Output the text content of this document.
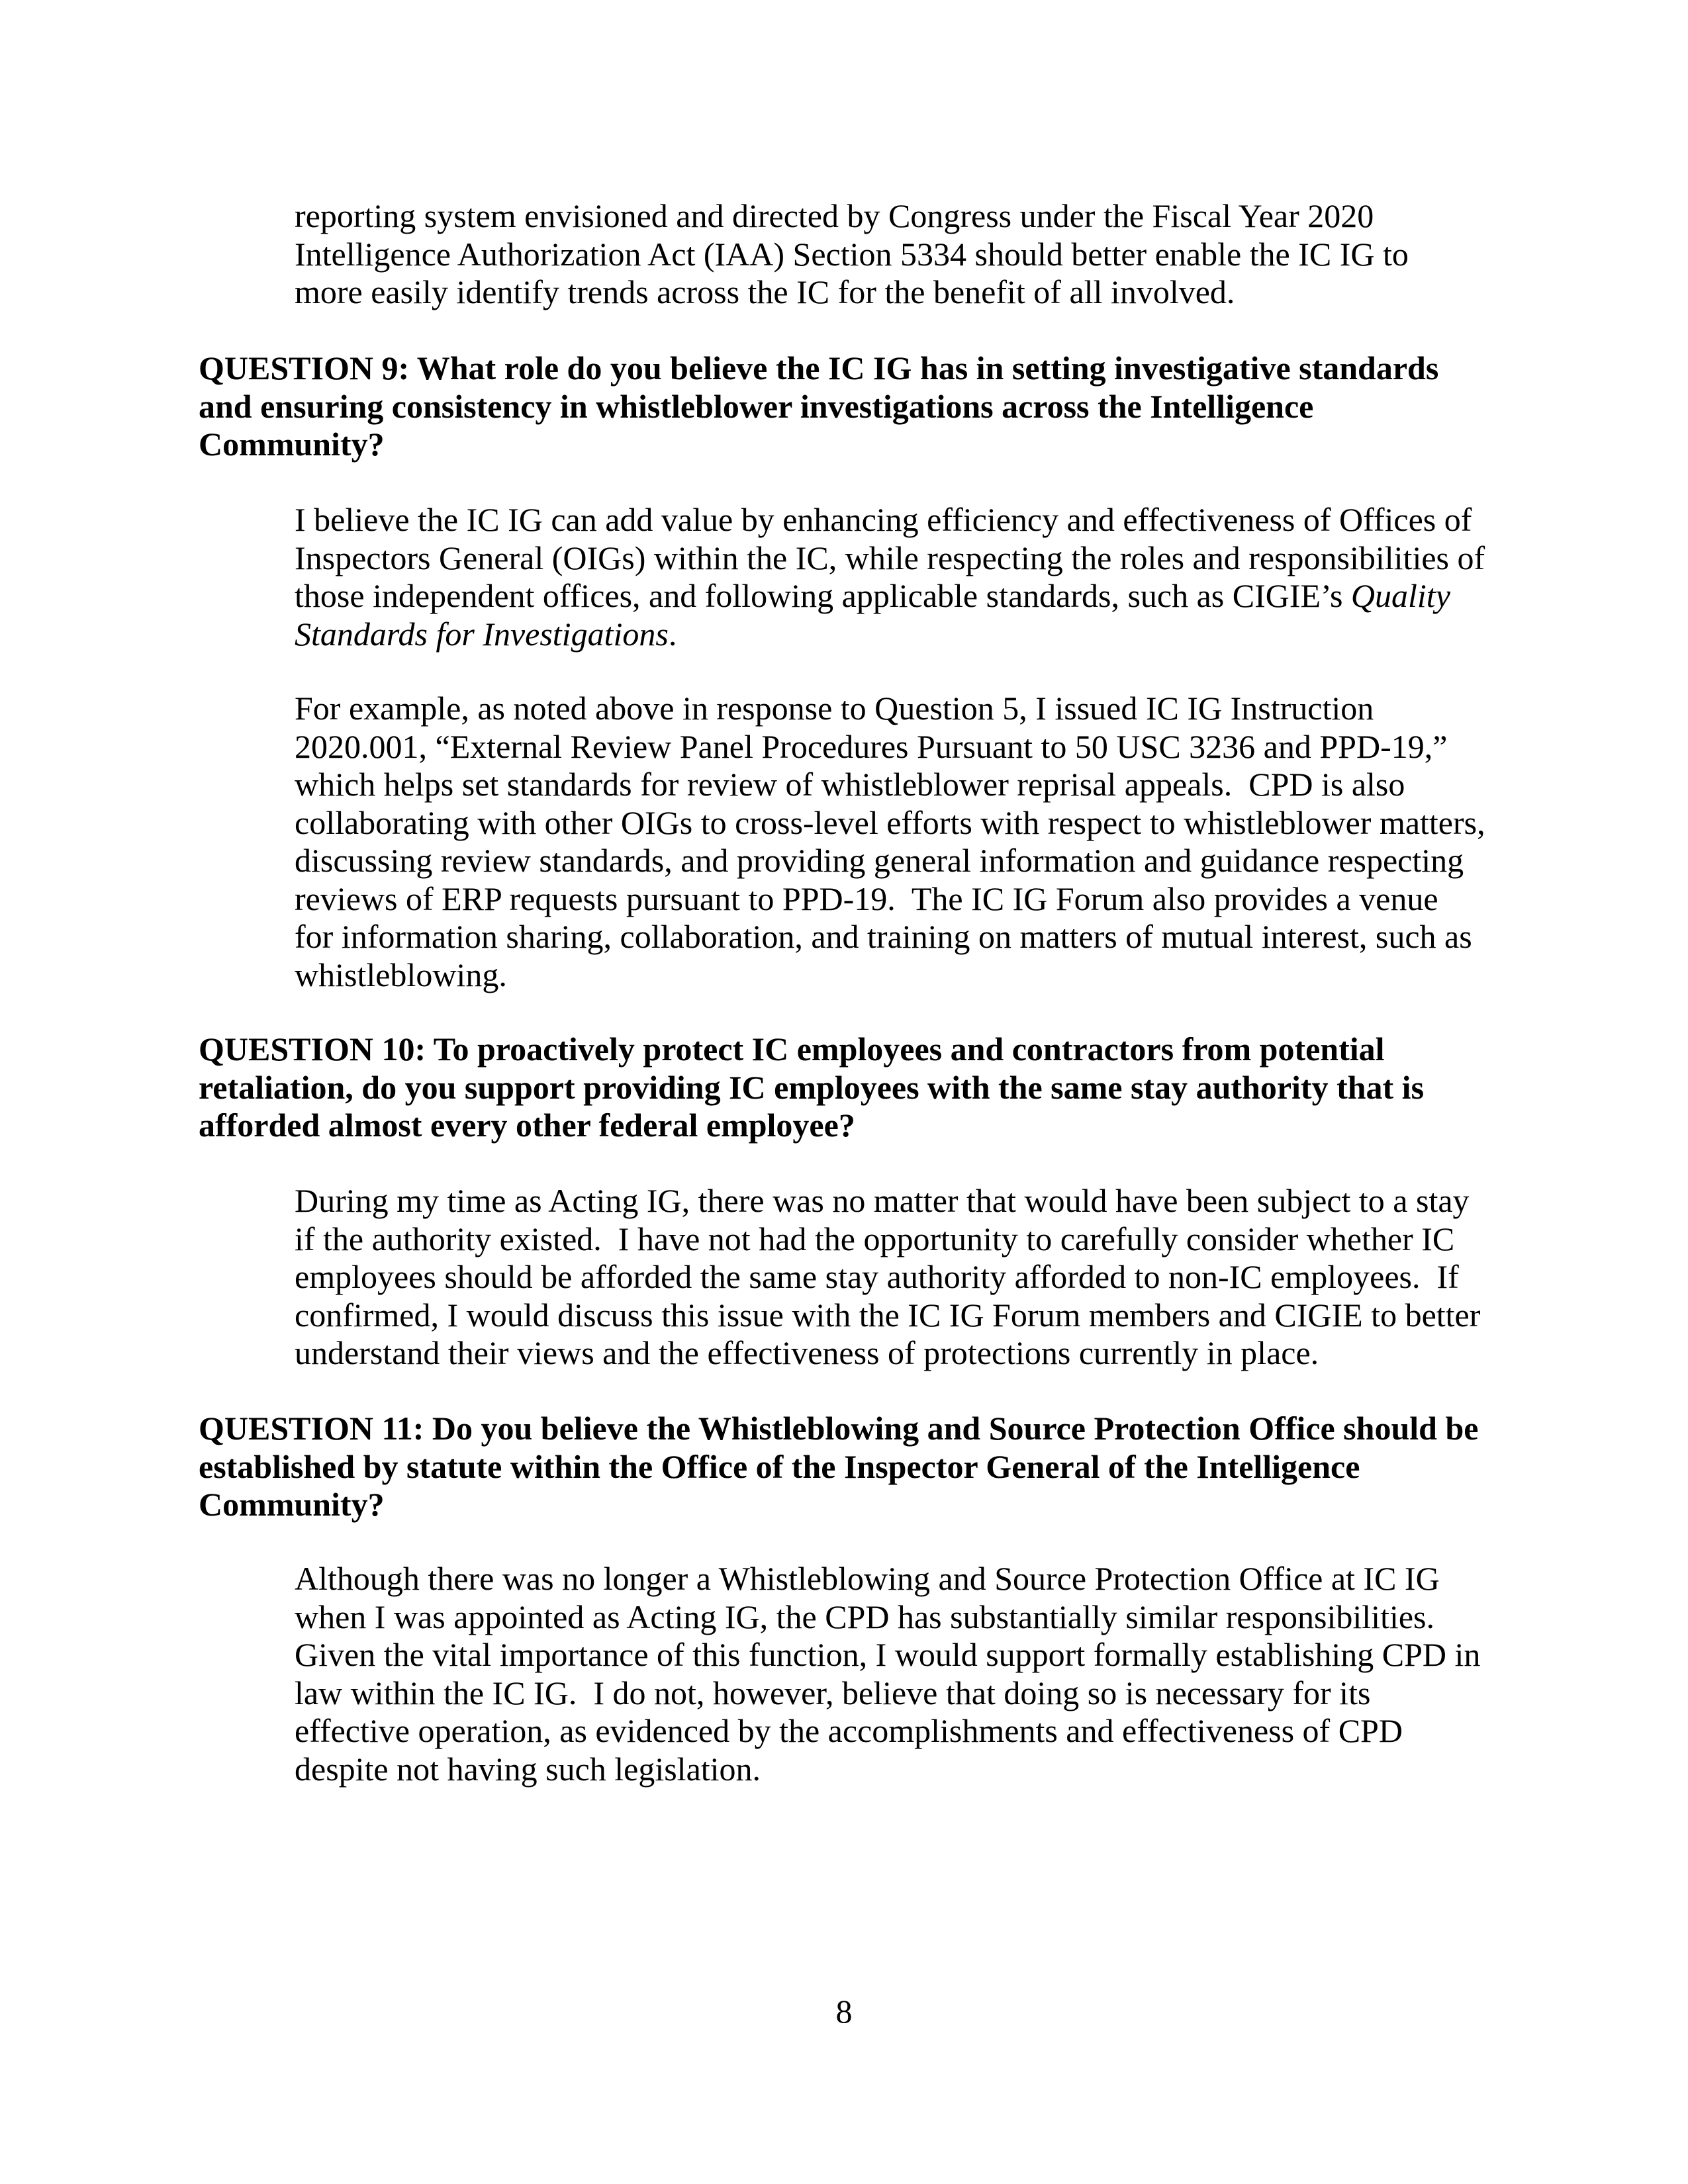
reporting system envisioned and directed by Congress under the Fiscal Year 2020
Intelligence Authorization Act (IAA) Section 5334 should better enable the IC IG to
more easily identify trends across the IC for the benefit of all involved.

QUESTION 9: What role do you believe the IC IG has in setting investigative standards
and ensuring consistency in whistleblower investigations across the Intelligence
Community?

I believe the IC IG can add value by enhancing efficiency and effectiveness of Offices of
Inspectors General (OIGs) within the IC, while respecting the roles and responsibilities of
those independent offices, and following applicable standards, such as CIGIE’s Quality
Standards for Investigations.

For example, as noted above in response to Question 5, I issued IC IG Instruction
2020.001, “External Review Panel Procedures Pursuant to 50 USC 3236 and PPD-19,”
which helps set standards for review of whistleblower reprisal appeals.  CPD is also
collaborating with other OIGs to cross-level efforts with respect to whistleblower matters,
discussing review standards, and providing general information and guidance respecting
reviews of ERP requests pursuant to PPD-19.  The IC IG Forum also provides a venue
for information sharing, collaboration, and training on matters of mutual interest, such as
whistleblowing.

QUESTION 10: To proactively protect IC employees and contractors from potential
retaliation, do you support providing IC employees with the same stay authority that is
afforded almost every other federal employee?

During my time as Acting IG, there was no matter that would have been subject to a stay
if the authority existed.  I have not had the opportunity to carefully consider whether IC
employees should be afforded the same stay authority afforded to non-IC employees.  If
confirmed, I would discuss this issue with the IC IG Forum members and CIGIE to better
understand their views and the effectiveness of protections currently in place.

QUESTION 11: Do you believe the Whistleblowing and Source Protection Office should be
established by statute within the Office of the Inspector General of the Intelligence
Community?

Although there was no longer a Whistleblowing and Source Protection Office at IC IG
when I was appointed as Acting IG, the CPD has substantially similar responsibilities.

Given the vital importance of this function, I would support formally establishing CPD in
law within the IC IG.  I do not, however, believe that doing so is necessary for its
effective operation, as evidenced by the accomplishments and effectiveness of CPD
despite not having such legislation.

8
